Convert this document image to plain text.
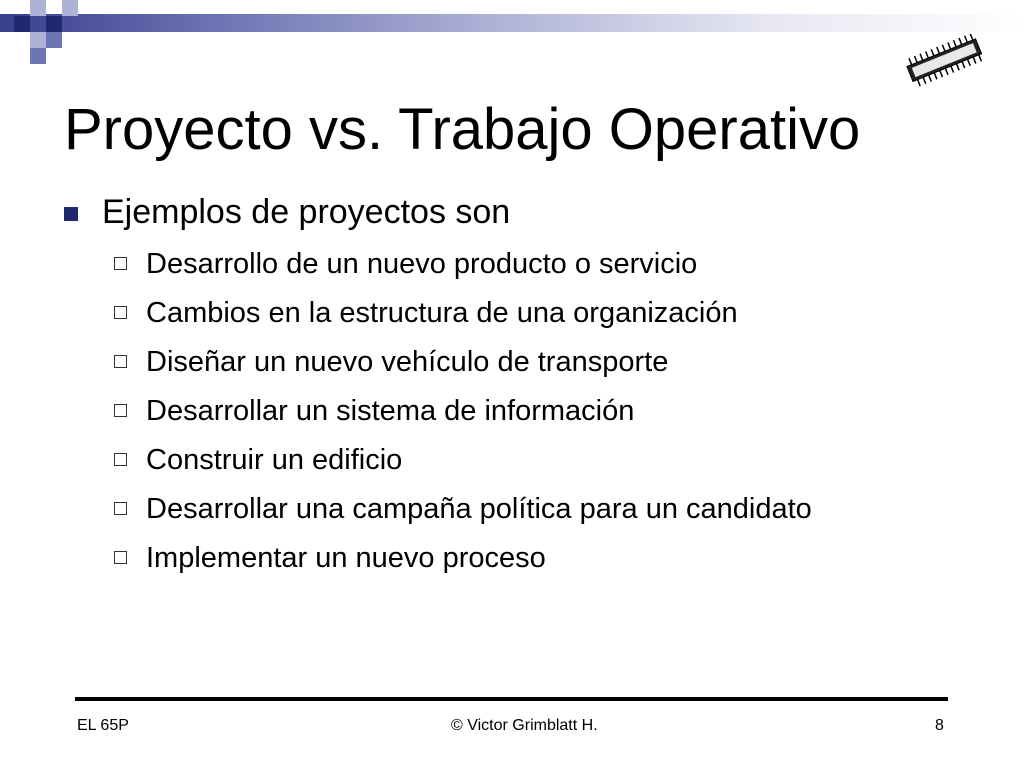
Proyecto vs. Trabajo Operativo
Ejemplos de proyectos son
Desarrollo de un nuevo producto o servicio
Cambios en la estructura de una organización
Diseñar un nuevo vehículo de transporte
Desarrollar un sistema de información
Construir un edificio
Desarrollar una campaña política para un candidato
Implementar un nuevo proceso
EL 65P	© Victor Grimblatt H.	8
